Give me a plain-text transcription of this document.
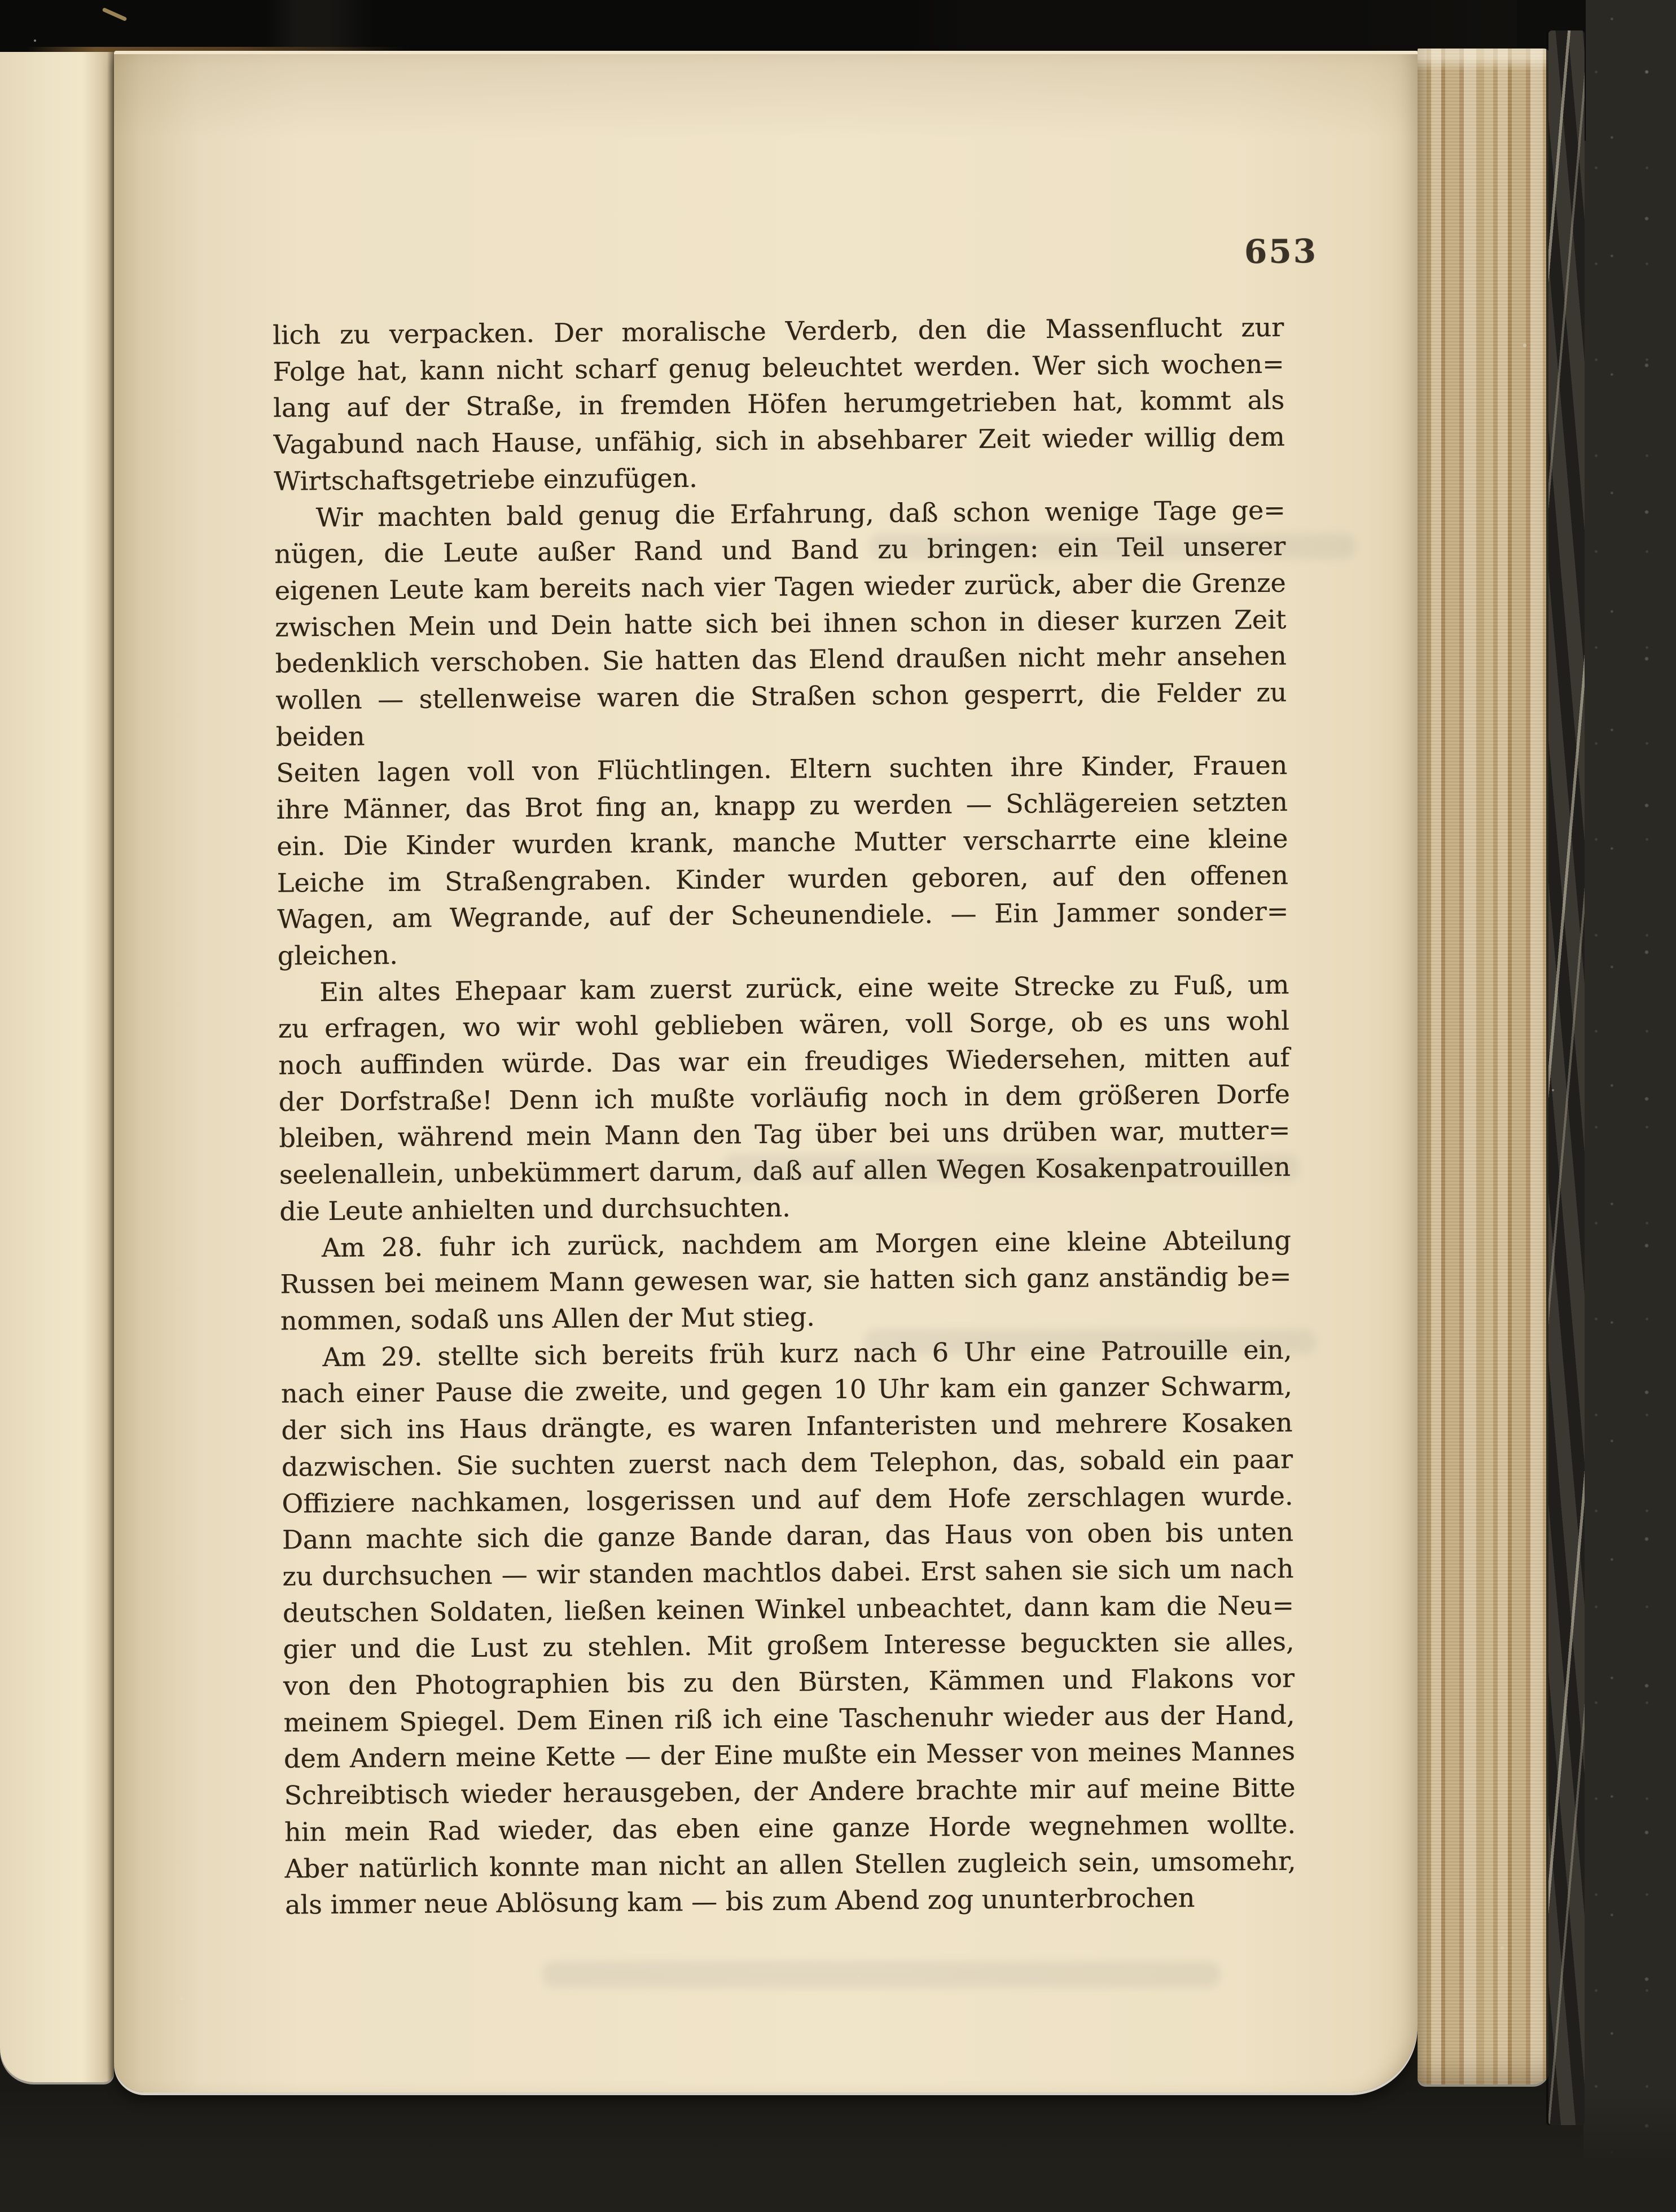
653
lich zu verpacken. Der moralische Verderb, den die Massenflucht zur
Folge hat, kann nicht scharf genug beleuchtet werden. Wer sich wochen=
lang auf der Straße, in fremden Höfen herumgetrieben hat, kommt als
Vagabund nach Hause, unfähig, sich in absehbarer Zeit wieder willig dem
Wirtschaftsgetriebe einzufügen.
Wir machten bald genug die Erfahrung, daß schon wenige Tage ge=
nügen, die Leute außer Rand und Band zu bringen: ein Teil unserer
eigenen Leute kam bereits nach vier Tagen wieder zurück, aber die Grenze
zwischen Mein und Dein hatte sich bei ihnen schon in dieser kurzen Zeit
bedenklich verschoben. Sie hatten das Elend draußen nicht mehr ansehen
wollen — stellenweise waren die Straßen schon gesperrt, die Felder zu beiden
Seiten lagen voll von Flüchtlingen. Eltern suchten ihre Kinder, Frauen
ihre Männer, das Brot fing an, knapp zu werden — Schlägereien setzten
ein. Die Kinder wurden krank, manche Mutter verscharrte eine kleine
Leiche im Straßengraben. Kinder wurden geboren, auf den offenen
Wagen, am Wegrande, auf der Scheunendiele. — Ein Jammer sonder=
gleichen.
Ein altes Ehepaar kam zuerst zurück, eine weite Strecke zu Fuß, um
zu erfragen, wo wir wohl geblieben wären, voll Sorge, ob es uns wohl
noch auffinden würde. Das war ein freudiges Wiedersehen, mitten auf
der Dorfstraße! Denn ich mußte vorläufig noch in dem größeren Dorfe
bleiben, während mein Mann den Tag über bei uns drüben war, mutter=
seelenallein, unbekümmert darum, daß auf allen Wegen Kosakenpatrouillen
die Leute anhielten und durchsuchten.
Am 28. fuhr ich zurück, nachdem am Morgen eine kleine Abteilung
Russen bei meinem Mann gewesen war, sie hatten sich ganz anständig be=
nommen, sodaß uns Allen der Mut stieg.
Am 29. stellte sich bereits früh kurz nach 6 Uhr eine Patrouille ein,
nach einer Pause die zweite, und gegen 10 Uhr kam ein ganzer Schwarm,
der sich ins Haus drängte, es waren Infanteristen und mehrere Kosaken
dazwischen. Sie suchten zuerst nach dem Telephon, das, sobald ein paar
Offiziere nachkamen, losgerissen und auf dem Hofe zerschlagen wurde.
Dann machte sich die ganze Bande daran, das Haus von oben bis unten
zu durchsuchen — wir standen machtlos dabei. Erst sahen sie sich um nach
deutschen Soldaten, ließen keinen Winkel unbeachtet, dann kam die Neu=
gier und die Lust zu stehlen. Mit großem Interesse beguckten sie alles,
von den Photographien bis zu den Bürsten, Kämmen und Flakons vor
meinem Spiegel. Dem Einen riß ich eine Taschenuhr wieder aus der Hand,
dem Andern meine Kette — der Eine mußte ein Messer von meines Mannes
Schreibtisch wieder herausgeben, der Andere brachte mir auf meine Bitte
hin mein Rad wieder, das eben eine ganze Horde wegnehmen wollte.
Aber natürlich konnte man nicht an allen Stellen zugleich sein, umsomehr,
als immer neue Ablösung kam — bis zum Abend zog ununterbrochen
